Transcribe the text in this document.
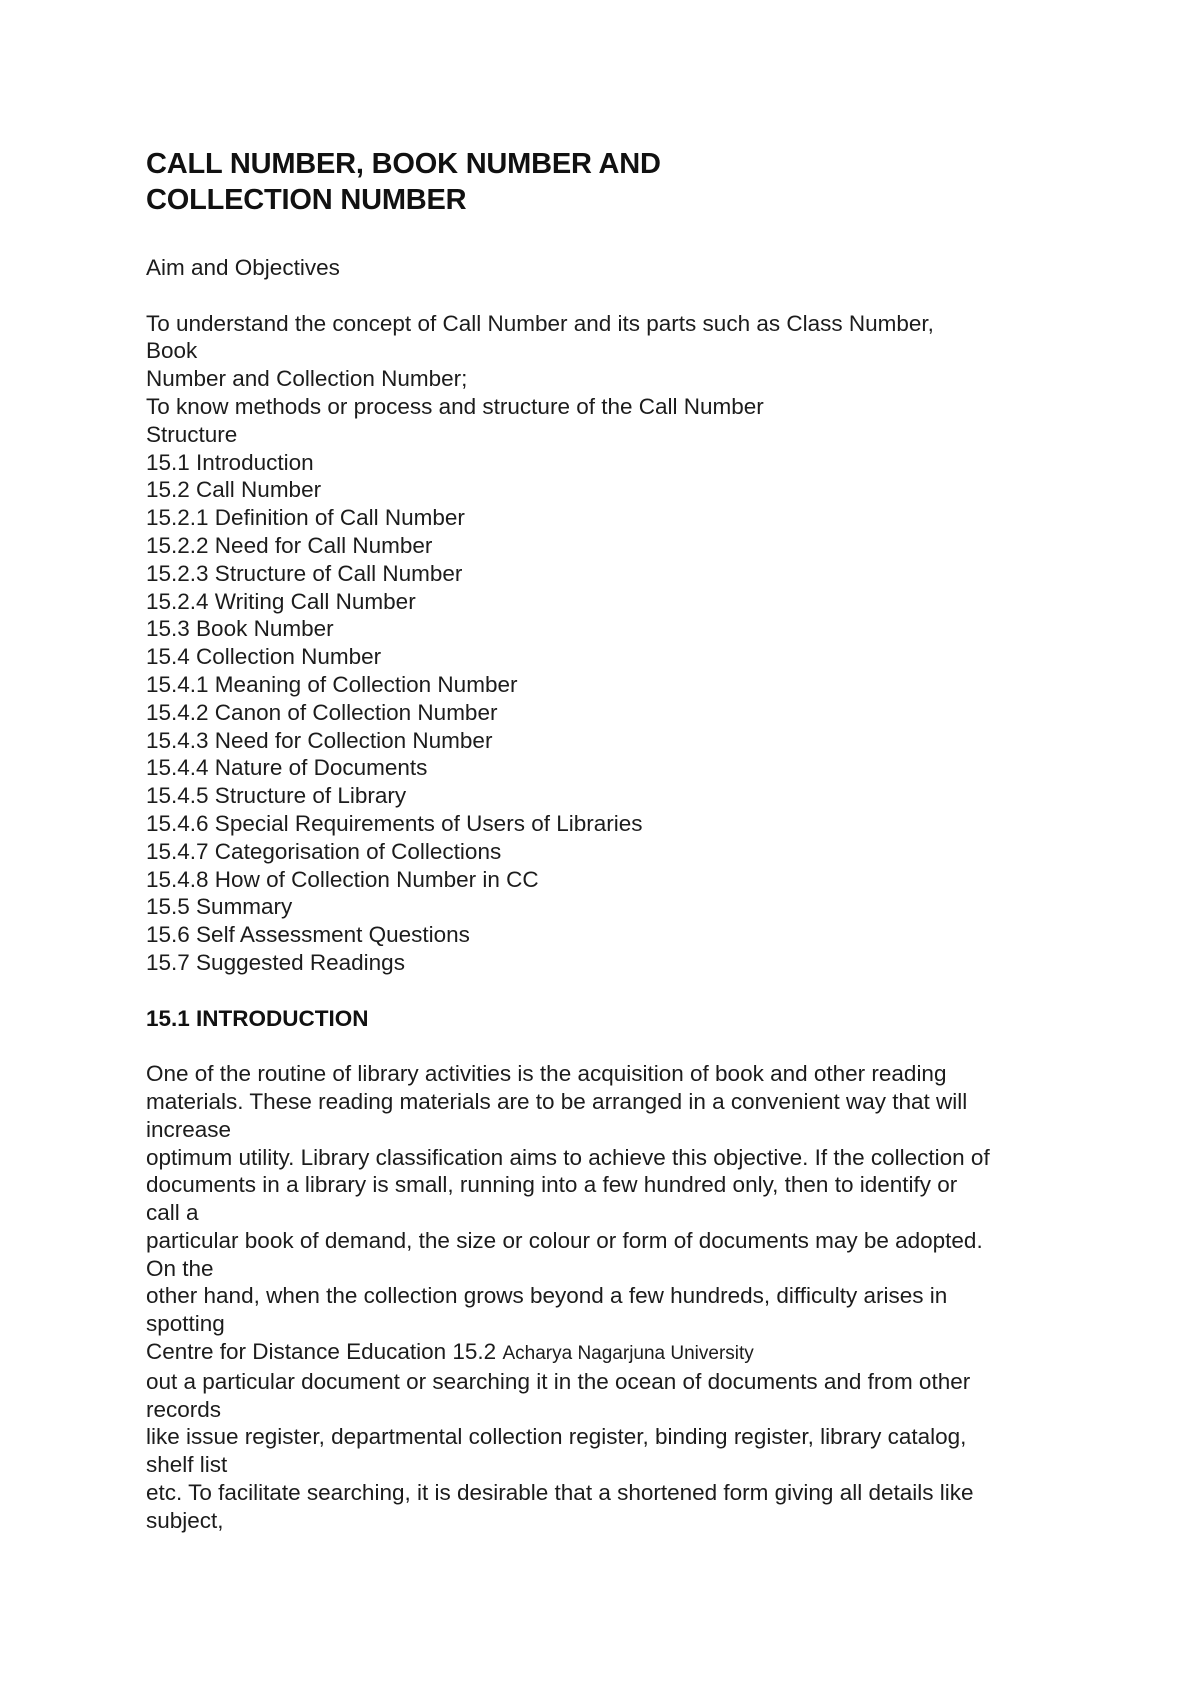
CALL NUMBER, BOOK NUMBER AND
COLLECTION NUMBER
Aim and Objectives
To understand the concept of Call Number and its parts such as Class Number,
Book
Number and Collection Number;
To know methods or process and structure of the Call Number
Structure
15.1 Introduction
15.2 Call Number
15.2.1 Definition of Call Number
15.2.2 Need for Call Number
15.2.3 Structure of Call Number
15.2.4 Writing Call Number
15.3 Book Number
15.4 Collection Number
15.4.1 Meaning of Collection Number
15.4.2 Canon of Collection Number
15.4.3 Need for Collection Number
15.4.4 Nature of Documents
15.4.5 Structure of Library
15.4.6 Special Requirements of Users of Libraries
15.4.7 Categorisation of Collections
15.4.8 How of Collection Number in CC
15.5 Summary
15.6 Self Assessment Questions
15.7 Suggested Readings
15.1 INTRODUCTION
One of the routine of library activities is the acquisition of book and other reading
materials. These reading materials are to be arranged in a convenient way that will
increase
optimum utility. Library classification aims to achieve this objective. If the collection of
documents in a library is small, running into a few hundred only, then to identify or
call a
particular book of demand, the size or colour or form of documents may be adopted.
On the
other hand, when the collection grows beyond a few hundreds, difficulty arises in
spotting
Centre for Distance Education 15.2 Acharya Nagarjuna University
out a particular document or searching it in the ocean of documents and from other
records
like issue register, departmental collection register, binding register, library catalog,
shelf list
etc. To facilitate searching, it is desirable that a shortened form giving all details like
subject,
